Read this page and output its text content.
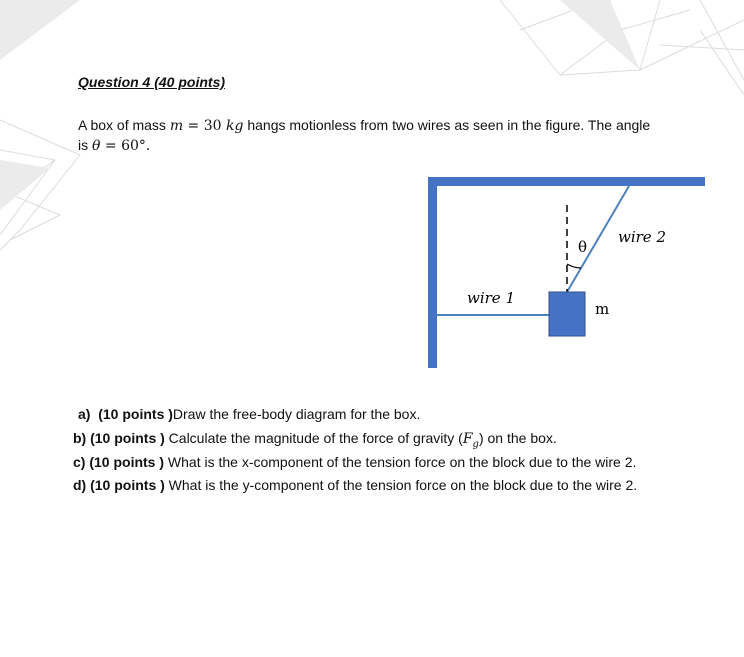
Question 4 (40 points)
A box of mass m = 30 kg hangs motionless from two wires as seen in the figure. The angle
is θ = 60°.
wire 1
wire 2
θ
m
a) (10 points )Draw the free-body diagram for the box.
b) (10 points ) Calculate the magnitude of the force of gravity $(F_g)$ on the box.
c) (10 points ) What is the x-component of the tension force on the block due to the wire 2.
d) (10 points ) What is the y-component of the tension force on the block due to the wire 2.
